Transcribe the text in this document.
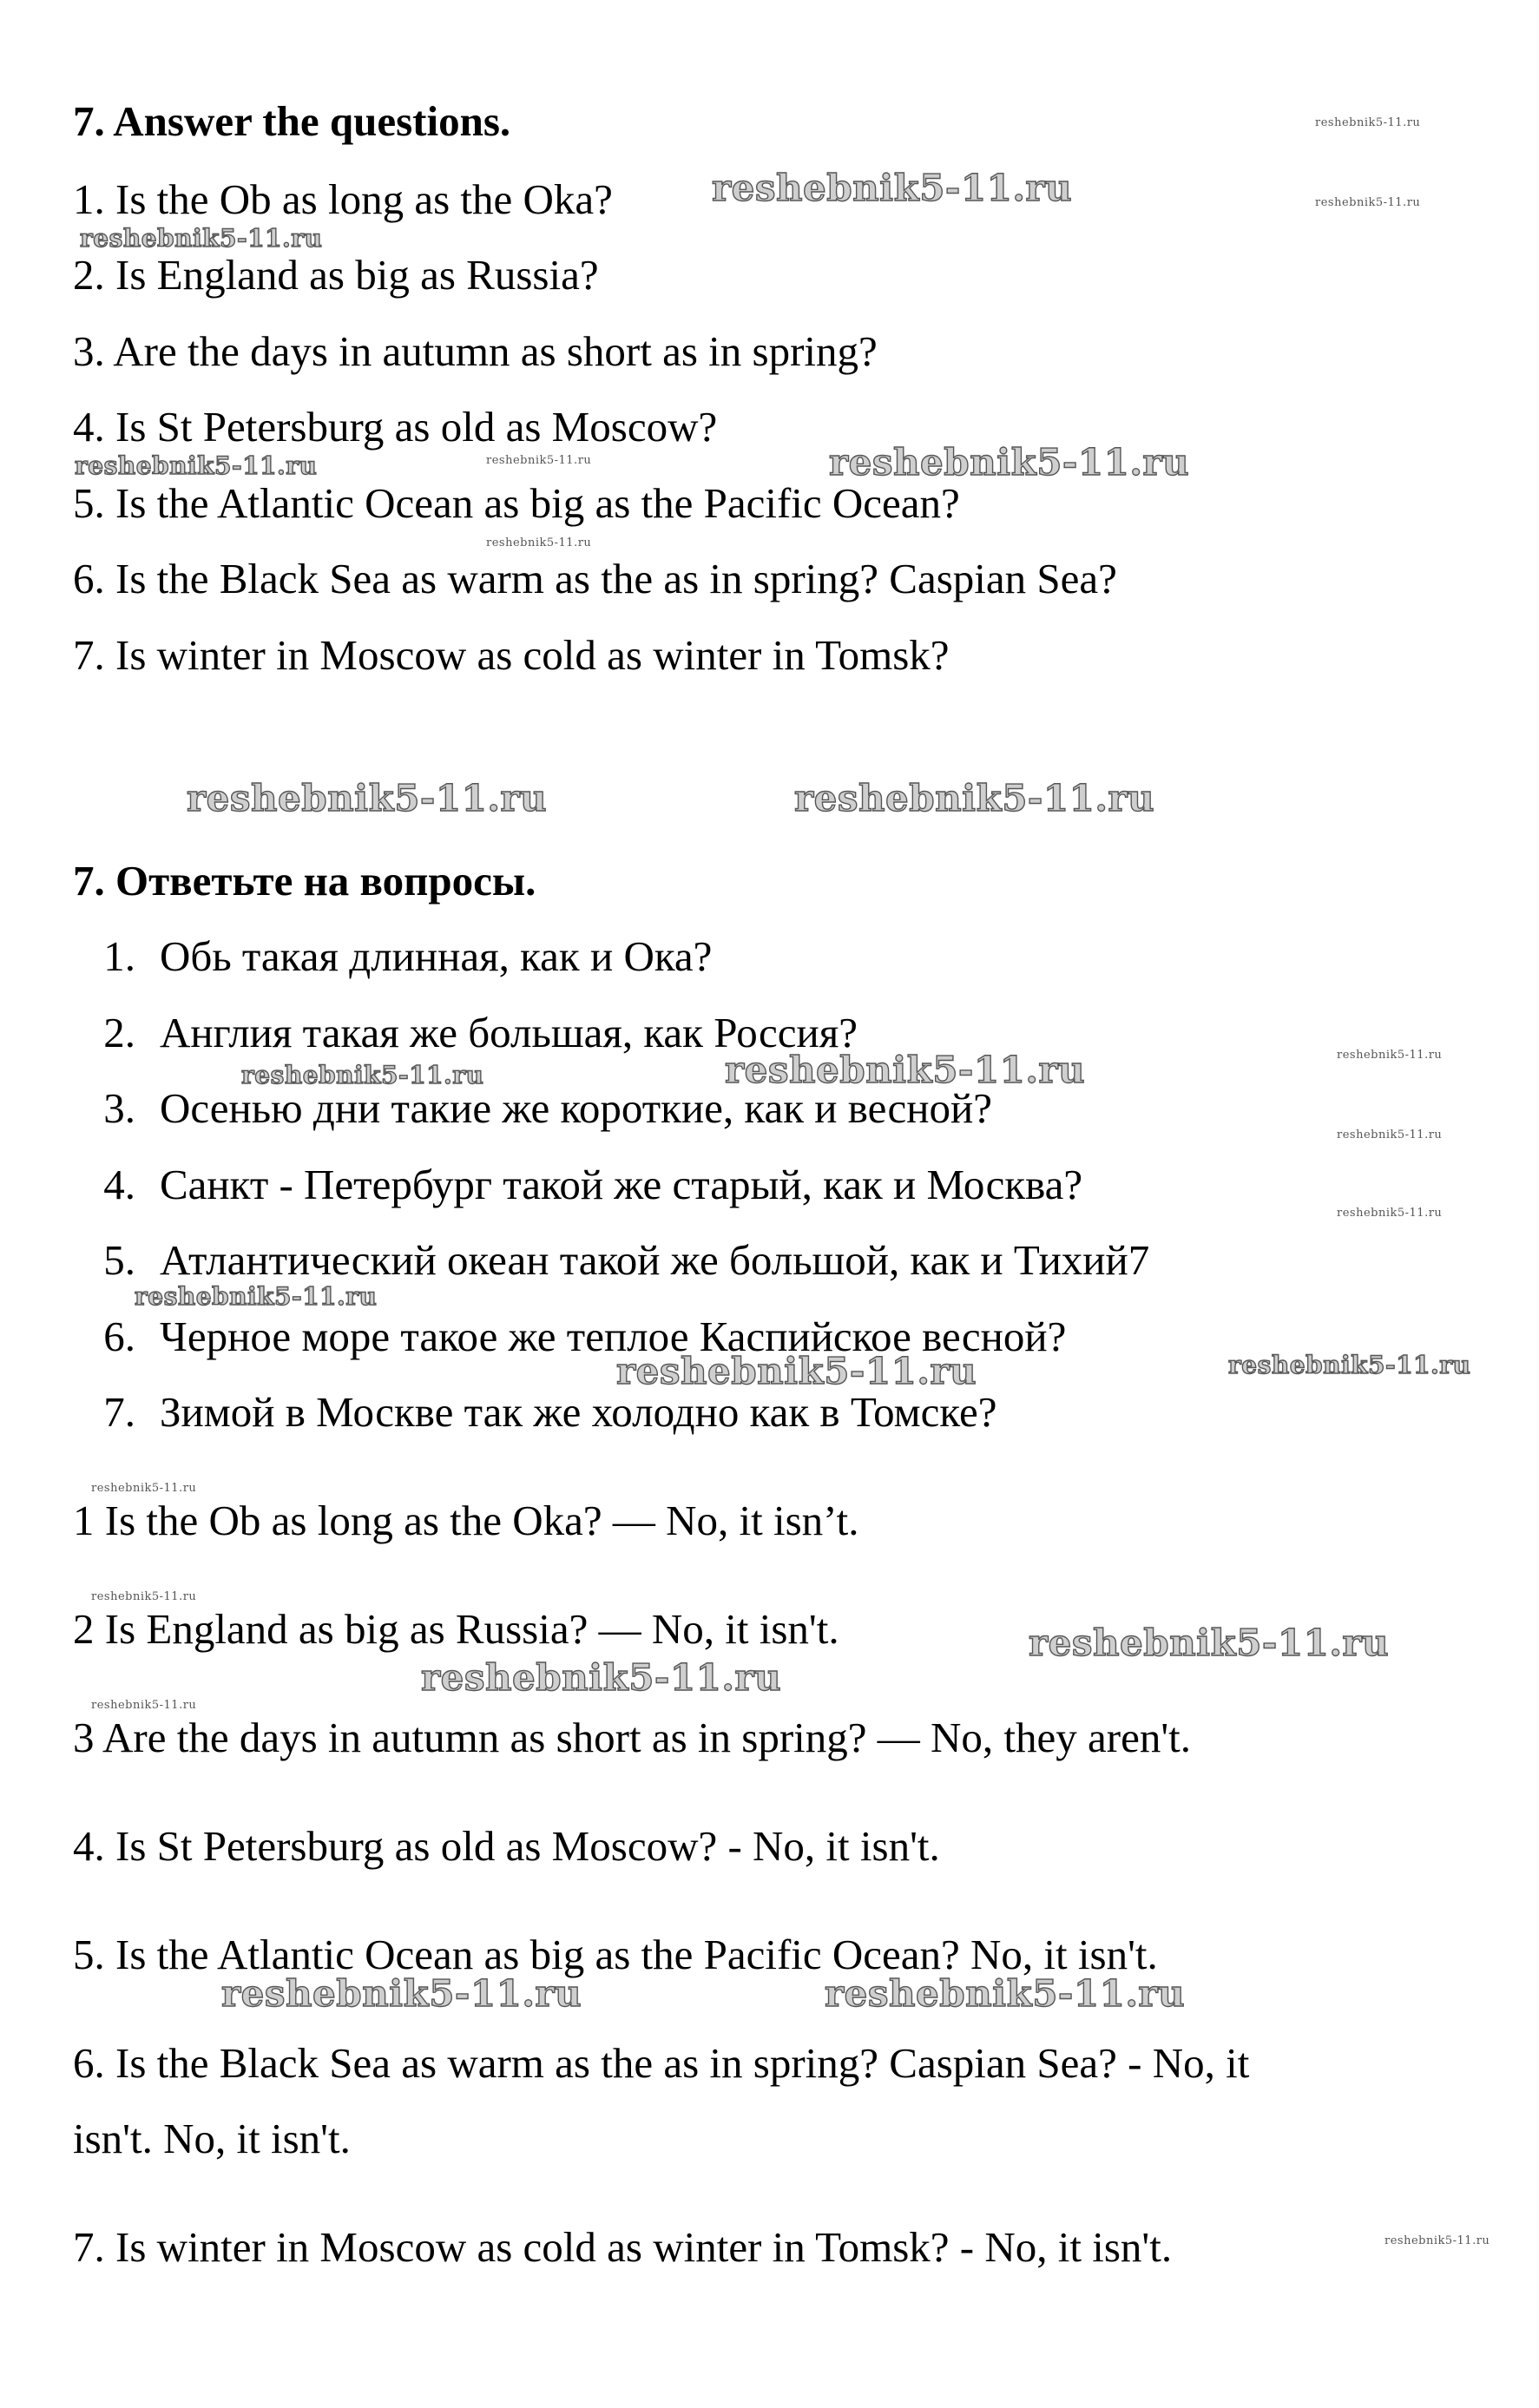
7. Answer the questions.

1. Is the Ob as long as the Oka?

2. Is England as big as Russia?

3. Are the days in autumn as short as in spring?

4. Is St Petersburg as old as Moscow?

5. Is the Atlantic Ocean as big as the Pacific Ocean?

6. Is the Black Sea as warm as the as in spring? Caspian Sea?

7. Is winter in Moscow as cold as winter in Tomsk?

7. Ответьте на вопросы.

1. Обь такая длинная, как и Ока?

2. Англия такая же большая, как Россия?

3. Осенью дни такие же короткие, как и весной?

4. Санкт - Петербург такой же старый, как и Москва?

5. Атлантический океан такой же большой, как и Тихий7

6. Черное море такое же теплое Каспийское весной?

7. Зимой в Москве так же холодно как в Томске?

1 Is the Ob as long as the Oka? — No, it isn’t.

2 Is England as big as Russia? — No, it isn't.

3 Are the days in autumn as short as in spring? — No, they aren't.

4. Is St Petersburg as old as Moscow? - No, it isn't.

5. Is the Atlantic Ocean as big as the Pacific Ocean? No, it isn't.

6. Is the Black Sea as warm as the as in spring? Caspian Sea? - No, it

isn't. No, it isn't.

7. Is winter in Moscow as cold as winter in Tomsk? - No, it isn't.

reshebnik5-11.ru
reshebnik5-11.ru
reshebnik5-11.ru
reshebnik5-11.ru
reshebnik5-11.ru	reshebnik5-11.ru	reshebnik5-11.ru
reshebnik5-11.ru
reshebnik5-11.ru	reshebnik5-11.ru
reshebnik5-11.ru	reshebnik5-11.ru	reshebnik5-11.ru
reshebnik5-11.ru
reshebnik5-11.ru
reshebnik5-11.ru
reshebnik5-11.ru	reshebnik5-11.ru
reshebnik5-11.ru
reshebnik5-11.ru
reshebnik5-11.ru
reshebnik5-11.ru
reshebnik5-11.ru
reshebnik5-11.ru	reshebnik5-11.ru
reshebnik5-11.ru
